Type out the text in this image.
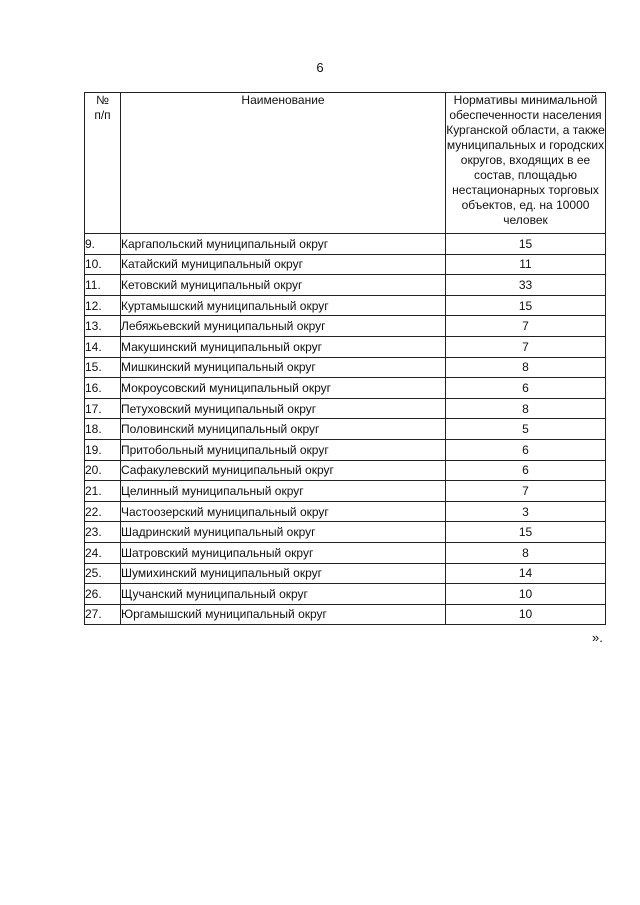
6
№
п/п	Наименование	Нормативы минимальной обеспеченности населения Курганской области, а также муниципальных и городских округов, входящих в ее состав, площадью нестационарных торговых объектов, ед. на 10000 человек
9.	Каргапольский муниципальный округ	15
10.	Катайский муниципальный округ	11
11.	Кетовский муниципальный округ	33
12.	Куртамышский муниципальный округ	15
13.	Лебяжьевский муниципальный округ	7
14.	Макушинский муниципальный округ	7
15.	Мишкинский муниципальный округ	8
16.	Мокроусовский муниципальный округ	6
17.	Петуховский муниципальный округ	8
18.	Половинский муниципальный округ	5
19.	Притобольный муниципальный округ	6
20.	Сафакулевский муниципальный округ	6
21.	Целинный муниципальный округ	7
22.	Частоозерский муниципальный округ	3
23.	Шадринский муниципальный округ	15
24.	Шатровский муниципальный округ	8
25.	Шумихинский муниципальный округ	14
26.	Щучанский муниципальный округ	10
27.	Юргамышский муниципальный округ	10
».
